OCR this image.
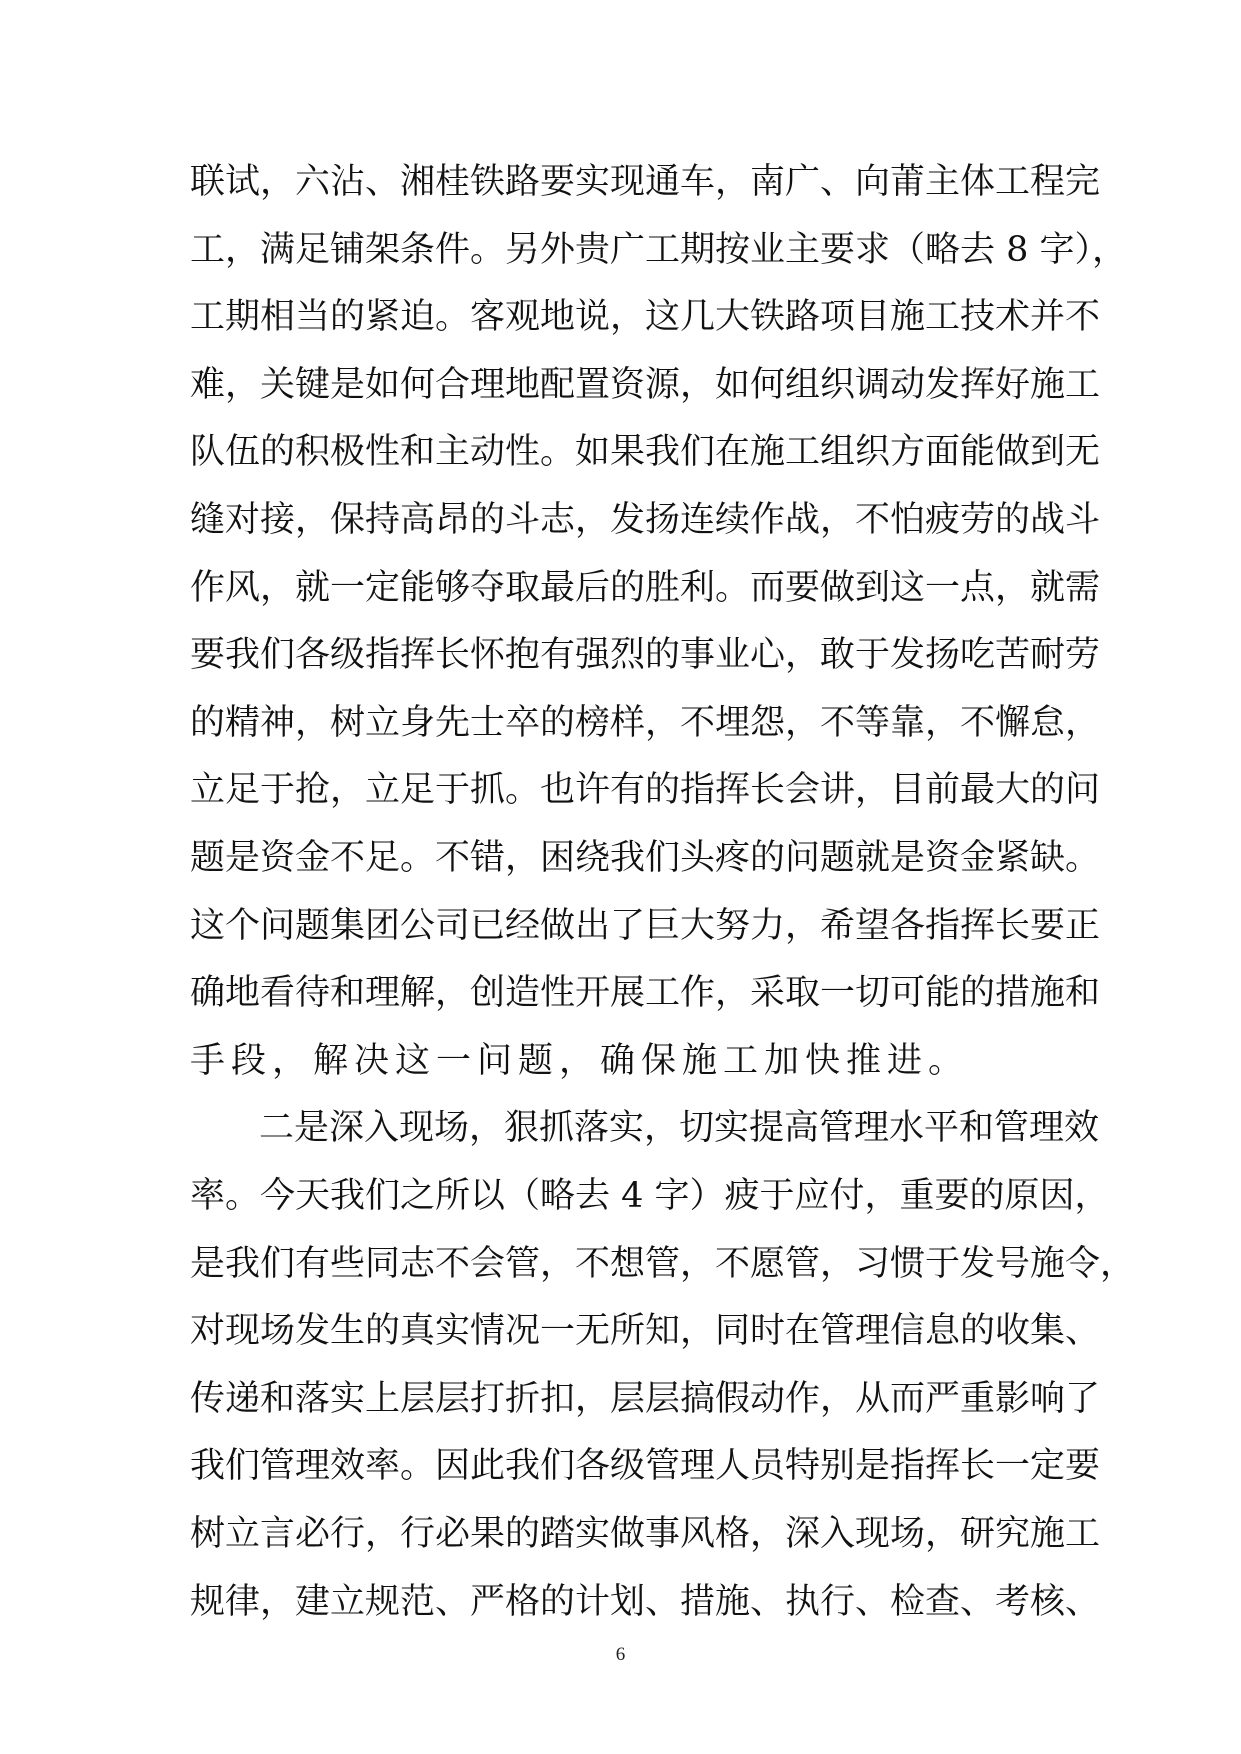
联试，六沾、湘桂铁路要实现通车，南广、向莆主体工程完
工，满足铺架条件。另外贵广工期按业主要求（略去 8 字），
工期相当的紧迫。客观地说，这几大铁路项目施工技术并不
难，关键是如何合理地配置资源，如何组织调动发挥好施工
队伍的积极性和主动性。如果我们在施工组织方面能做到无
缝对接，保持高昂的斗志，发扬连续作战，不怕疲劳的战斗
作风，就一定能够夺取最后的胜利。而要做到这一点，就需
要我们各级指挥长怀抱有强烈的事业心，敢于发扬吃苦耐劳
的精神，树立身先士卒的榜样，不埋怨，不等靠，不懈怠，
立足于抢，立足于抓。也许有的指挥长会讲，目前最大的问
题是资金不足。不错，困绕我们头疼的问题就是资金紧缺。
这个问题集团公司已经做出了巨大努力，希望各指挥长要正
确地看待和理解，创造性开展工作，采取一切可能的措施和
手段，解决这一问题，确保施工加快推进。
二是深入现场，狠抓落实，切实提高管理水平和管理效
率。今天我们之所以（略去 4 字）疲于应付，重要的原因，
是我们有些同志不会管，不想管，不愿管，习惯于发号施令，
对现场发生的真实情况一无所知，同时在管理信息的收集、
传递和落实上层层打折扣，层层搞假动作，从而严重影响了
我们管理效率。因此我们各级管理人员特别是指挥长一定要
树立言必行，行必果的踏实做事风格，深入现场，研究施工
规律，建立规范、严格的计划、措施、执行、检查、考核、
6
